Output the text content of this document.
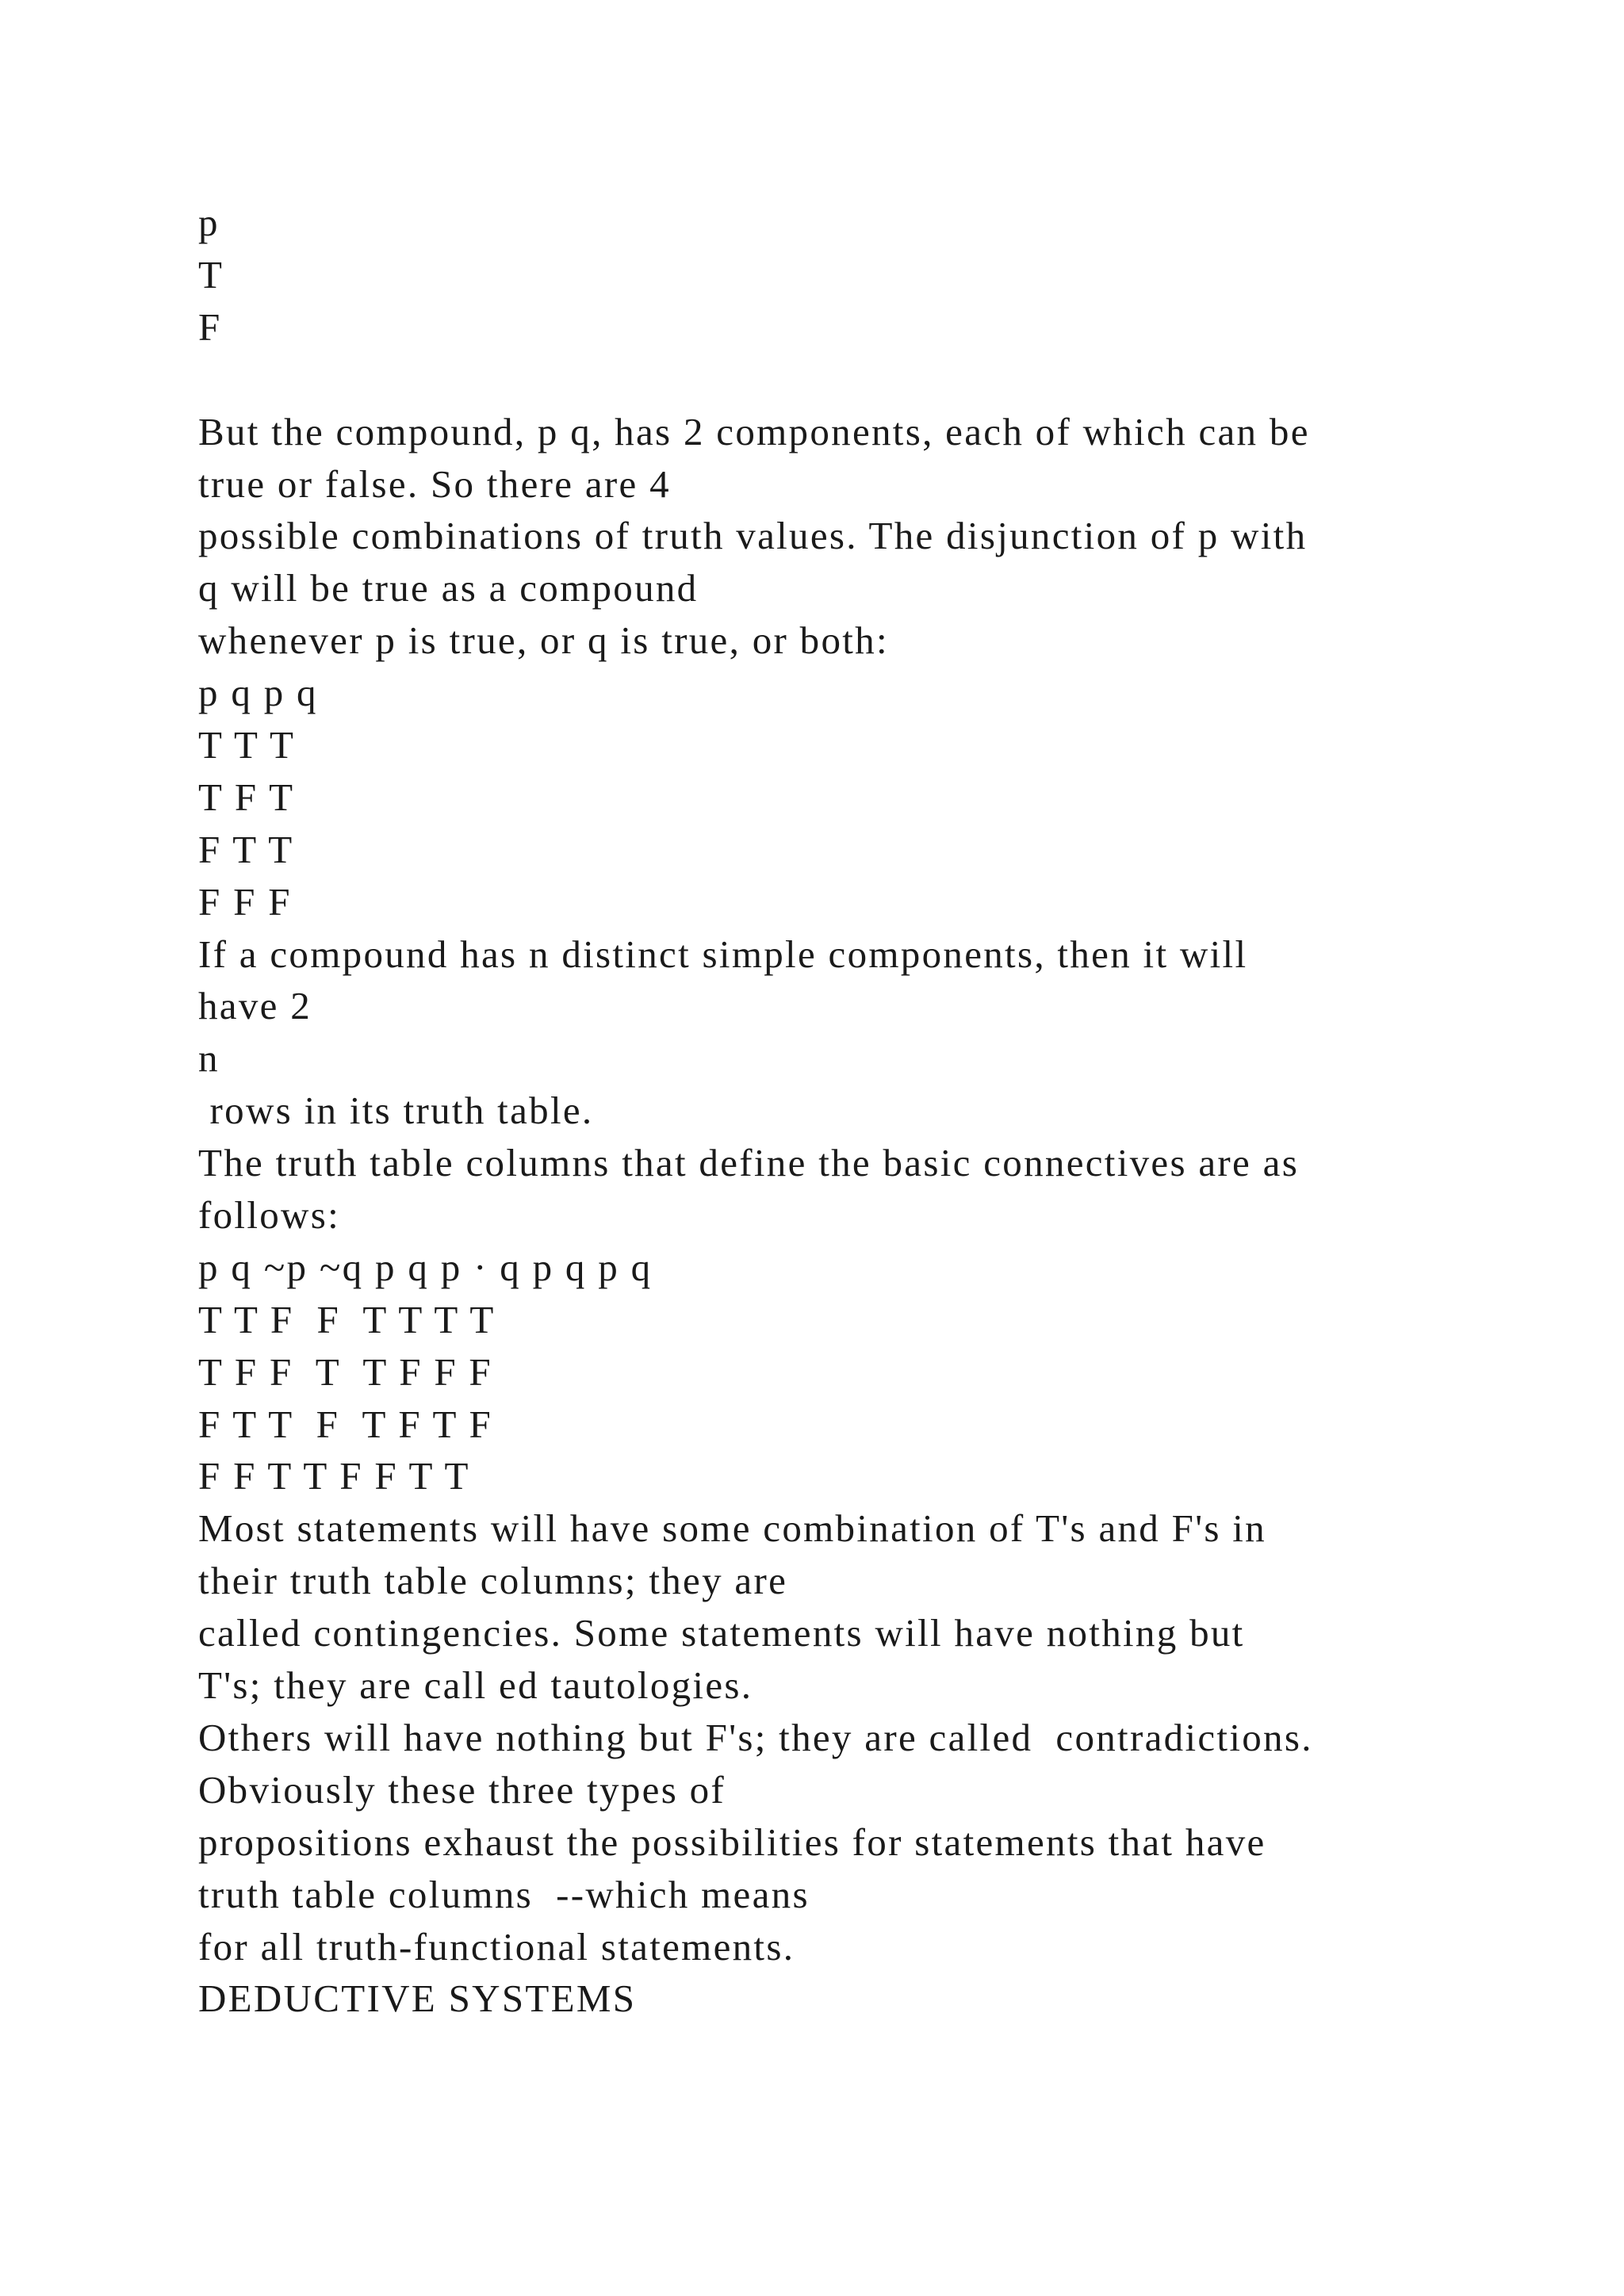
p

T

F

But the compound, p q, has 2 components, each of which can be

true or false. So there are 4

possible combinations of truth values. The disjunction of p with

q will be true as a compound

whenever p is true, or q is true, or both:

p q p q

T T T

T F T

F T T

F F F

If a compound has n distinct simple components, then it will

have 2

n

rows in its truth table.

The truth table columns that define the basic connectives are as

follows:

p q ~p ~q p q p · q p q p q

T T F  F  T T T T

T F F  T  T F F F

F T T  F  T F T F

F F T T F F T T

Most statements will have some combination of T's and F's in

their truth table columns; they are

called contingencies. Some statements will have nothing but

T's; they are call ed tautologies.

Others will have nothing but F's; they are called  contradictions.

Obviously these three types of

propositions exhaust the possibilities for statements that have

truth table columns  --which means

for all truth-functional statements.

DEDUCTIVE SYSTEMS
